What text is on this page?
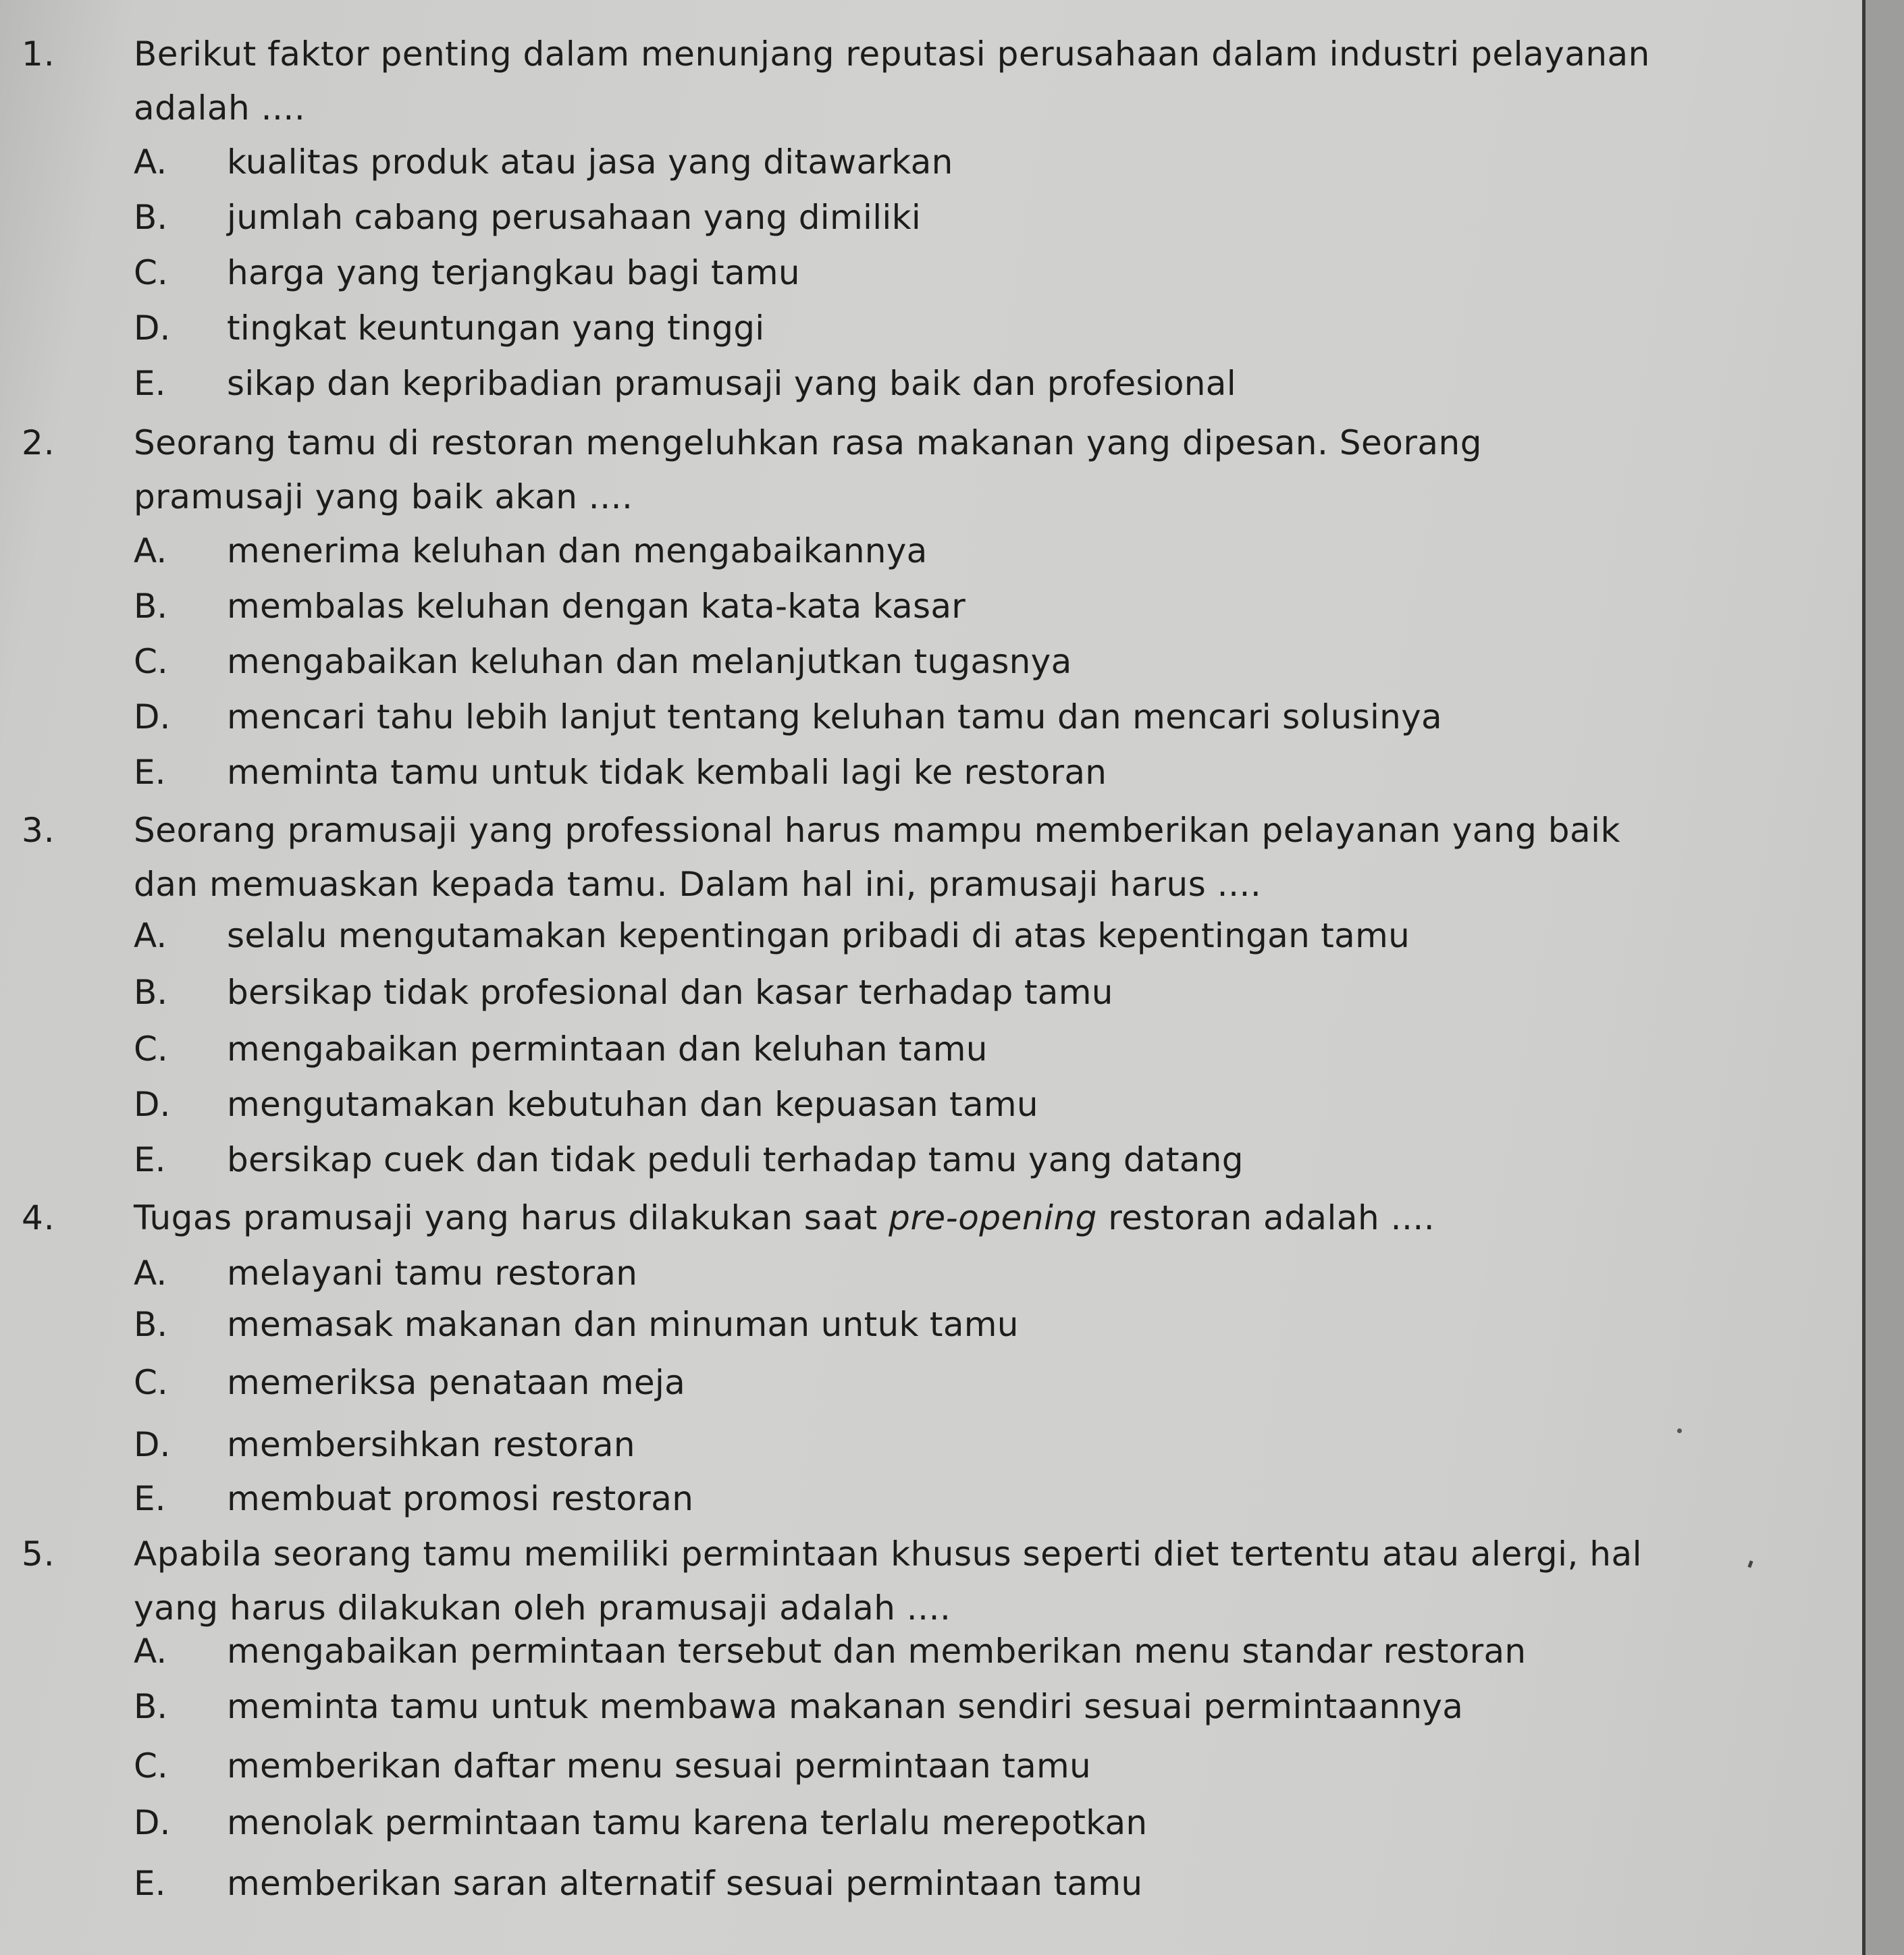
1. Berikut faktor penting dalam menunjang reputasi perusahaan dalam industri pelayanan adalah ....
A. kualitas produk atau jasa yang ditawarkan
B. jumlah cabang perusahaan yang dimiliki
C. harga yang terjangkau bagi tamu
D. tingkat keuntungan yang tinggi
E. sikap dan kepribadian pramusaji yang baik dan profesional
2. Seorang tamu di restoran mengeluhkan rasa makanan yang dipesan. Seorang pramusaji yang baik akan ....
A. menerima keluhan dan mengabaikannya
B. membalas keluhan dengan kata-kata kasar
C. mengabaikan keluhan dan melanjutkan tugasnya
D. mencari tahu lebih lanjut tentang keluhan tamu dan mencari solusinya
E. meminta tamu untuk tidak kembali lagi ke restoran
3. Seorang pramusaji yang professional harus mampu memberikan pelayanan yang baik dan memuaskan kepada tamu. Dalam hal ini, pramusaji harus ....
A. selalu mengutamakan kepentingan pribadi di atas kepentingan tamu
B. bersikap tidak profesional dan kasar terhadap tamu
C. mengabaikan permintaan dan keluhan tamu
D. mengutamakan kebutuhan dan kepuasan tamu
E. bersikap cuek dan tidak peduli terhadap tamu yang datang
4. Tugas pramusaji yang harus dilakukan saat pre-opening restoran adalah ....
A. melayani tamu restoran
B. memasak makanan dan minuman untuk tamu
C. memeriksa penataan meja
D. membersihkan restoran
E. membuat promosi restoran
5. Apabila seorang tamu memiliki permintaan khusus seperti diet tertentu atau alergi, hal yang harus dilakukan oleh pramusaji adalah ....
A. mengabaikan permintaan tersebut dan memberikan menu standar restoran
B. meminta tamu untuk membawa makanan sendiri sesuai permintaannya
C. memberikan daftar menu sesuai permintaan tamu
D. menolak permintaan tamu karena terlalu merepotkan
E. memberikan saran alternatif sesuai permintaan tamu
